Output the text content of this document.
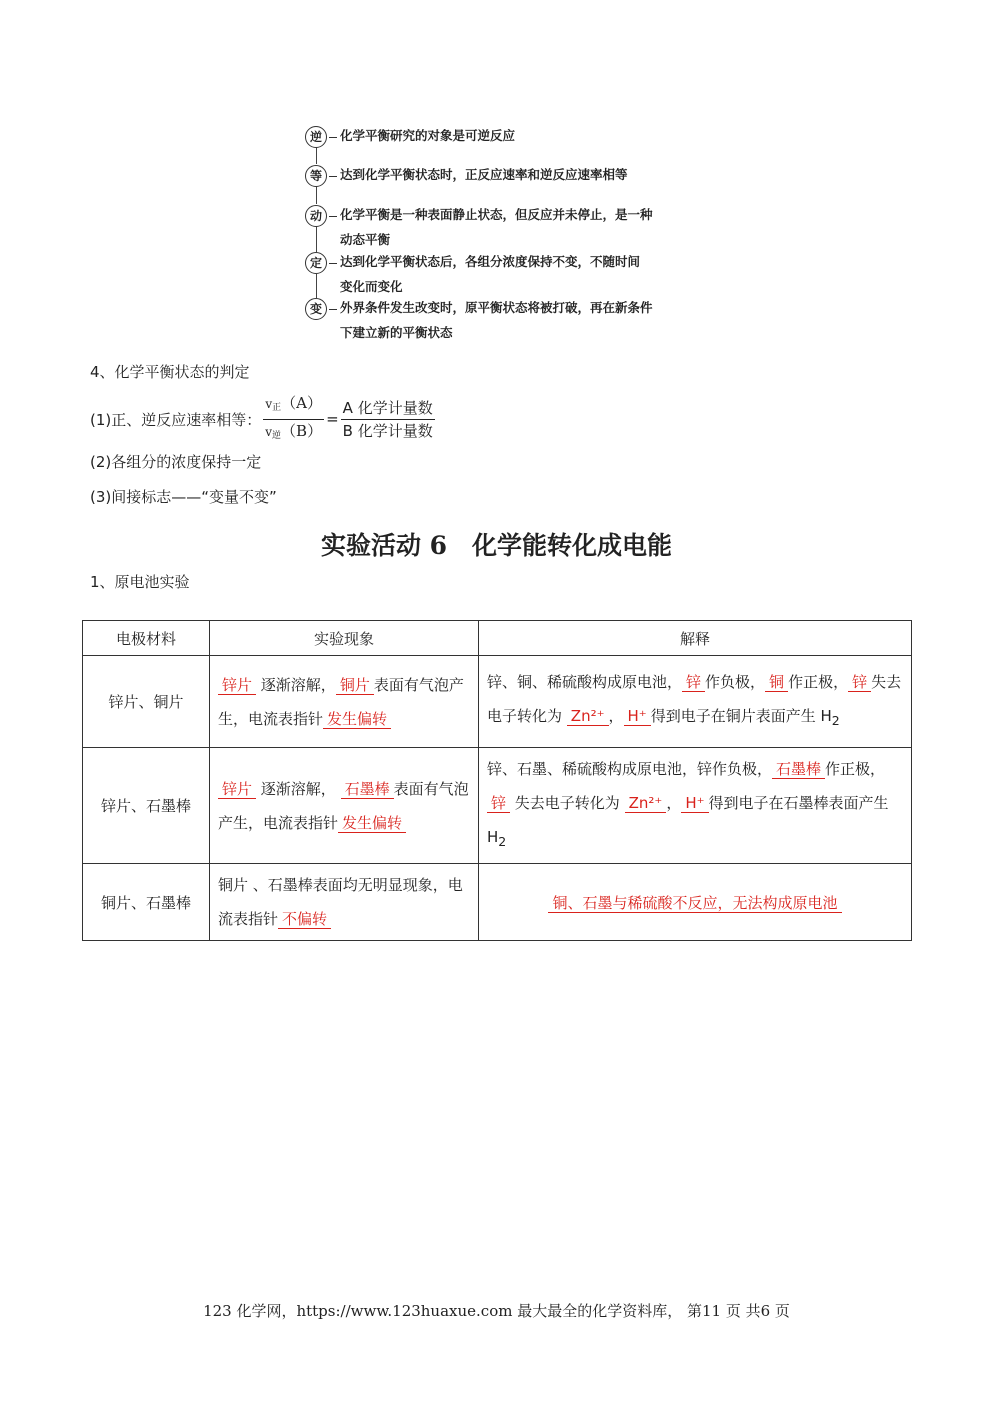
逆	化学平衡研究的对象是可逆反应
等	达到化学平衡状态时，正反应速率和逆反应速率相等
动	化学平衡是一种表面静止状态，但反应并未停止，是一种
动态平衡
定	达到化学平衡状态后，各组分浓度保持不变，不随时间
变化而变化
变	外界条件发生改变时，原平衡状态将被打破，再在新条件
下建立新的平衡状态
4、化学平衡状态的判定
(1)正、逆反应速率相等： $\frac{v_正(A)}{v_逆(B)} = \frac{\text{A 化学计量数}}{\text{B 化学计量数}}$
(2)各组分的浓度保持一定
(3)间接标志——“变量不变”
实验活动 6　化学能转化成电能
1、原电池实验
电极材料	实验现象	解释
锌片、铜片	锌片 逐渐溶解， 铜片 表面有气泡产生，电流表指针 发生偏转	锌、铜、稀硫酸构成原电池， 锌 作负极， 铜 作正极， 锌 失去电子转化为 Zn²⁺ ， H⁺ 得到电子在铜片表面产生 $H_2$
锌片、石墨棒	锌片 逐渐溶解， 石墨棒 表面有气泡产生，电流表指针 发生偏转	锌、石墨、稀硫酸构成原电池，锌作负极， 石墨棒 作正极， 锌 失去电子转化为 Zn²⁺ ， H⁺ 得到电子在石墨棒表面产生 $H_2$
铜片、石墨棒	铜片 、石墨棒表面均无明显现象，电流表指针 不偏转	铜、石墨与稀硫酸不反应，无法构成原电池
123 化学网，https://www.123huaxue.com 最大最全的化学资料库， 第11 页 共6 页
